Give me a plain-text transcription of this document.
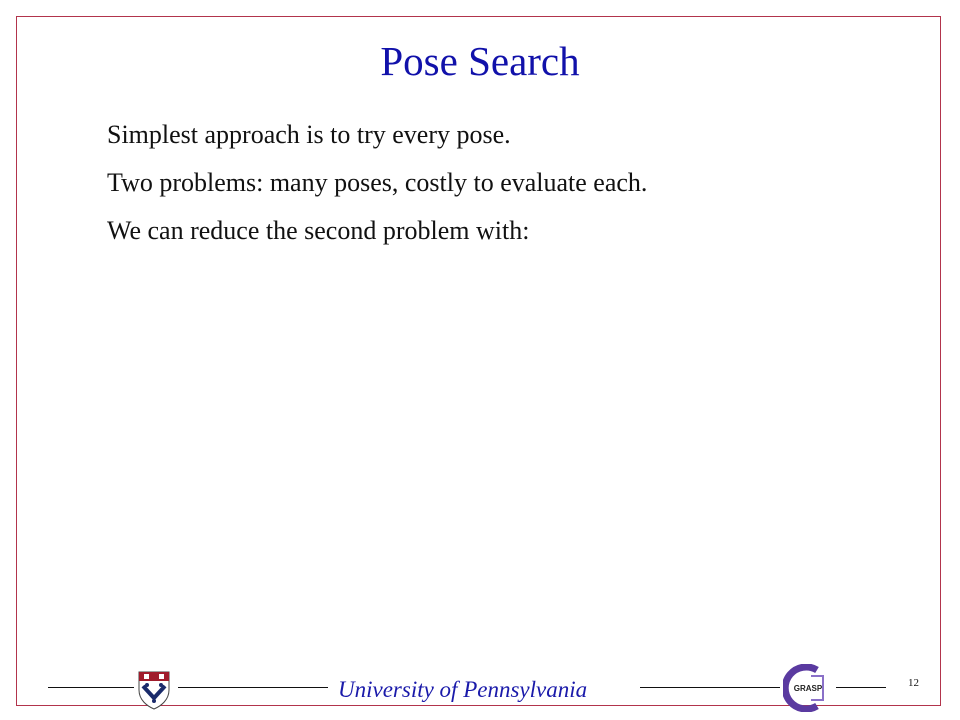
Pose Search
Simplest approach is to try every pose.
Two problems: many poses, costly to evaluate each.
We can reduce the second problem with:
University of Pennsylvania	GRASP	12
